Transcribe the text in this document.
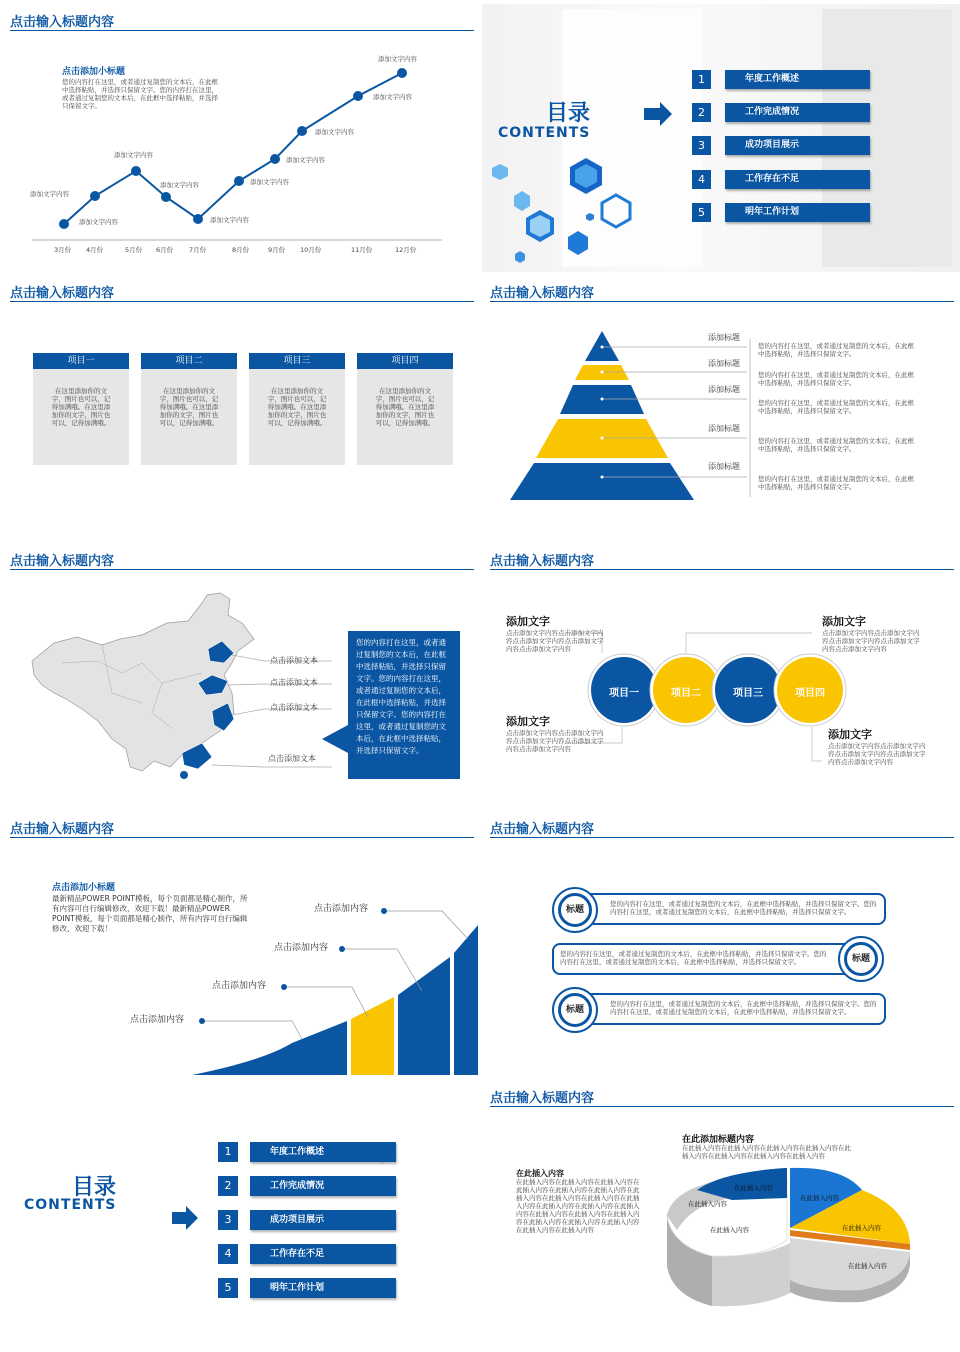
点击输入标题内容
点击添加小标题
您的内容打在这里，或者通过复制您的文本后，在此框中选择粘贴，并选择只保留文字。您的内容打在这里，或者通过复制您的文本后，在此框中选择粘贴，并选择只保留文字。
添加文字内容
添加文字内容
添加文字内容
添加文字内容
添加文字内容
添加文字内容
添加文字内容
添加文字内容
添加文字内容
添加文字内容
3月份 4月份	5月份 6月份 7月份	8月份	9月份 10月份	11月份	12月份
目录
CONTENTS
1	年度工作概述
2	工作完成情况
3	成功项目展示
4	工作存在不足
5	明年工作计划
点击输入标题内容
项目一
在这里添加你的文字，图片也可以，记得加满哦。在这里添加你的文字，图片也可以，记得加满哦。
项目二
在这里添加你的文字，图片也可以，记得加满哦。在这里添加你的文字，图片也可以，记得加满哦。
项目三
在这里添加你的文字，图片也可以，记得加满哦。在这里添加你的文字，图片也可以，记得加满哦。
项目四
在这里添加你的文字，图片也可以，记得加满哦。在这里添加你的文字，图片也可以，记得加满哦。
点击输入标题内容
添加标题
添加标题
添加标题
添加标题
添加标题
您的内容打在这里，或者通过复制您的文本后，在此框中选择粘贴，并选择只保留文字。
您的内容打在这里，或者通过复制您的文本后，在此框中选择粘贴，并选择只保留文字。
您的内容打在这里，或者通过复制您的文本后，在此框中选择粘贴，并选择只保留文字。
您的内容打在这里，或者通过复制您的文本后，在此框中选择粘贴，并选择只保留文字。
您的内容打在这里，或者通过复制您的文本后，在此框中选择粘贴，并选择只保留文字。
点击输入标题内容
点击添加文本
点击添加文本
点击添加文本
点击添加文本
您的内容打在这里，或者通过复制您的文本后，在此框中选择粘贴，并选择只保留文字。您的内容打在这里，或者通过复制您的文本后，在此框中选择粘贴，并选择只保留文字。您的内容打在这里，或者通过复制您的文本后，在此框中选择粘贴，并选择只保留文字。
点击输入标题内容
项目一	项目二	项目三	项目四
添加文字
点击添加文字内容点击添加文字内容点击添加文字内容点击添加文字内容点击添加文字内容
添加文字
点击添加文字内容点击添加文字内容点击添加文字内容点击添加文字内容点击添加文字内容
添加文字
点击添加文字内容点击添加文字内容点击添加文字内容点击添加文字内容点击添加文字内容
添加文字
点击添加文字内容点击添加文字内容点击添加文字内容点击添加文字内容点击添加文字内容
点击输入标题内容
点击添加小标题
最新精品POWER POINT模板，每个页面都是精心制作，所有内容可自行编辑修改，欢迎下载！最新精品POWER POINT模板，每个页面都是精心制作，所有内容可自行编辑修改，欢迎下载！
点击添加内容
点击添加内容
点击添加内容
点击添加内容
点击输入标题内容
您的内容打在这里，或者通过复制您的文本后，在此框中选择粘贴，并选择只保留文字。您的内容打在这里，或者通过复制您的文本后，在此框中选择粘贴，并选择只保留文字。
标题
您的内容打在这里，或者通过复制您的文本后，在此框中选择粘贴，并选择只保留文字。您的内容打在这里，或者通过复制您的文本后，在此框中选择粘贴，并选择只保留文字。	标题
您的内容打在这里，或者通过复制您的文本后，在此框中选择粘贴，并选择只保留文字。您的内容打在这里，或者通过复制您的文本后，在此框中选择粘贴，并选择只保留文字。
标题
目录
CONTENTS
1	年度工作概述
2	工作完成情况
3	成功项目展示
4	工作存在不足
5	明年工作计划
点击输入标题内容
在此添加标题内容
在此插入内容在此插入内容在此插入内容在此插入内容在此插入内容在此插入内容在此插入内容在此插入内容
在此插入内容
在此插入内容在此插入内容在此插入内容在此插入内容在此插入内容在此插入内容在此插入内容在此插入内容在此插入内容在此插入内容在此插入内容在此插入内容在此插入内容在此插入内容在此插入内容在此插入内容在此插入内容在此插入内容在此插入内容在此插入内容在此插入内容
在此插入内容
在此插入内容
在此插入内容
在此插入内容
在此插入内容
在此插入内容
